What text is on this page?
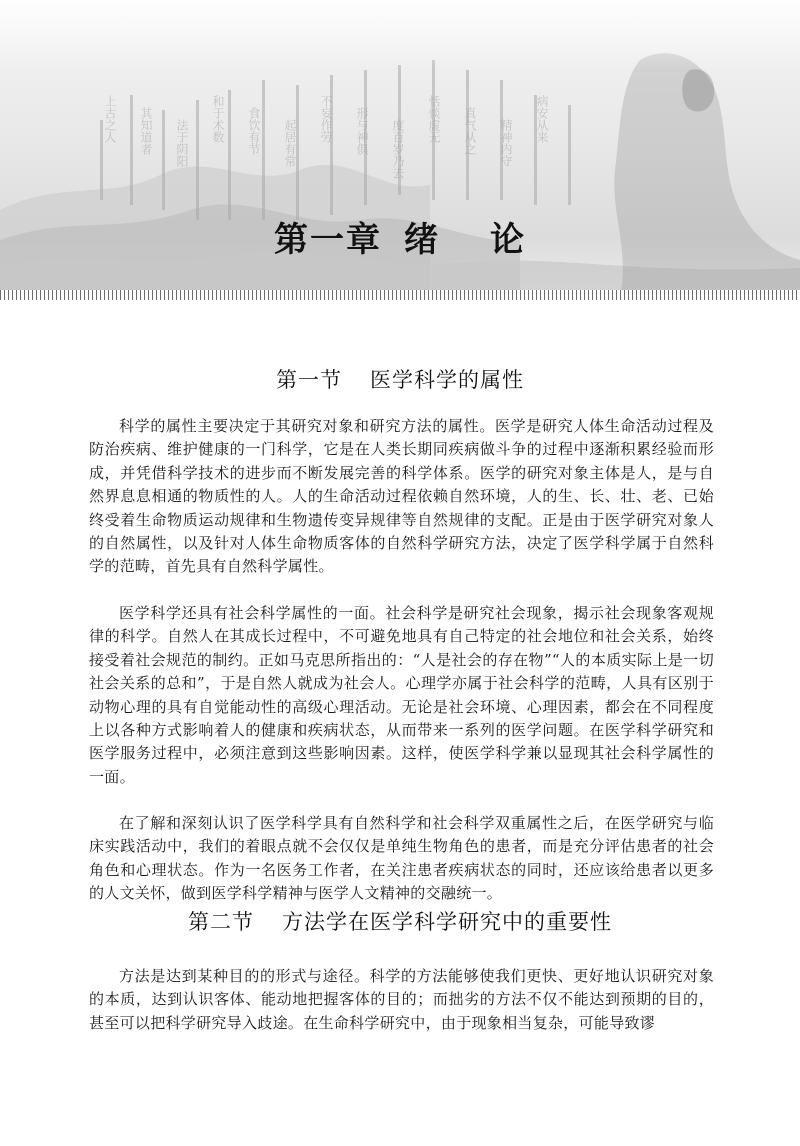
上古之人 其知道者 法于阴阳 和于术数 食饮有节 起居有常 不妄作劳 形与神俱 度百岁乃去 恬惔虚无 真气从之 精神内守 病安从来
第一章 绪 论
第一节 医学科学的属性

科学的属性主要决定于其研究对象和研究方法的属性。医学是研究人体生命活动过程及防治疾病、维护健康的一门科学，它是在人类长期同疾病做斗争的过程中逐渐积累经验而形成，并凭借科学技术的进步而不断发展完善的科学体系。医学的研究对象主体是人，是与自然界息息相通的物质性的人。人的生命活动过程依赖自然环境，人的生、长、壮、老、已始终受着生命物质运动规律和生物遗传变异规律等自然规律的支配。正是由于医学研究对象人的自然属性，以及针对人体生命物质客体的自然科学研究方法，决定了医学科学属于自然科学的范畴，首先具有自然科学属性。

医学科学还具有社会科学属性的一面。社会科学是研究社会现象，揭示社会现象客观规律的科学。自然人在其成长过程中，不可避免地具有自己特定的社会地位和社会关系，始终接受着社会规范的制约。正如马克思所指出的：“人是社会的存在物”“人的本质实际上是一切社会关系的总和”，于是自然人就成为社会人。心理学亦属于社会科学的范畴，人具有区别于动物心理的具有自觉能动性的高级心理活动。无论是社会环境、心理因素，都会在不同程度上以各种方式影响着人的健康和疾病状态，从而带来一系列的医学问题。在医学科学研究和医学服务过程中，必须注意到这些影响因素。这样，使医学科学兼以显现其社会科学属性的一面。

在了解和深刻认识了医学科学具有自然科学和社会科学双重属性之后，在医学研究与临床实践活动中，我们的着眼点就不会仅仅是单纯生物角色的患者，而是充分评估患者的社会角色和心理状态。作为一名医务工作者，在关注患者疾病状态的同时，还应该给患者以更多的人文关怀，做到医学科学精神与医学人文精神的交融统一。

第二节 方法学在医学科学研究中的重要性

方法是达到某种目的的形式与途径。科学的方法能够使我们更快、更好地认识研究对象的本质，达到认识客体、能动地把握客体的目的；而拙劣的方法不仅不能达到预期的目的，甚至可以把科学研究导入歧途。在生命科学研究中，由于现象相当复杂，可能导致谬
